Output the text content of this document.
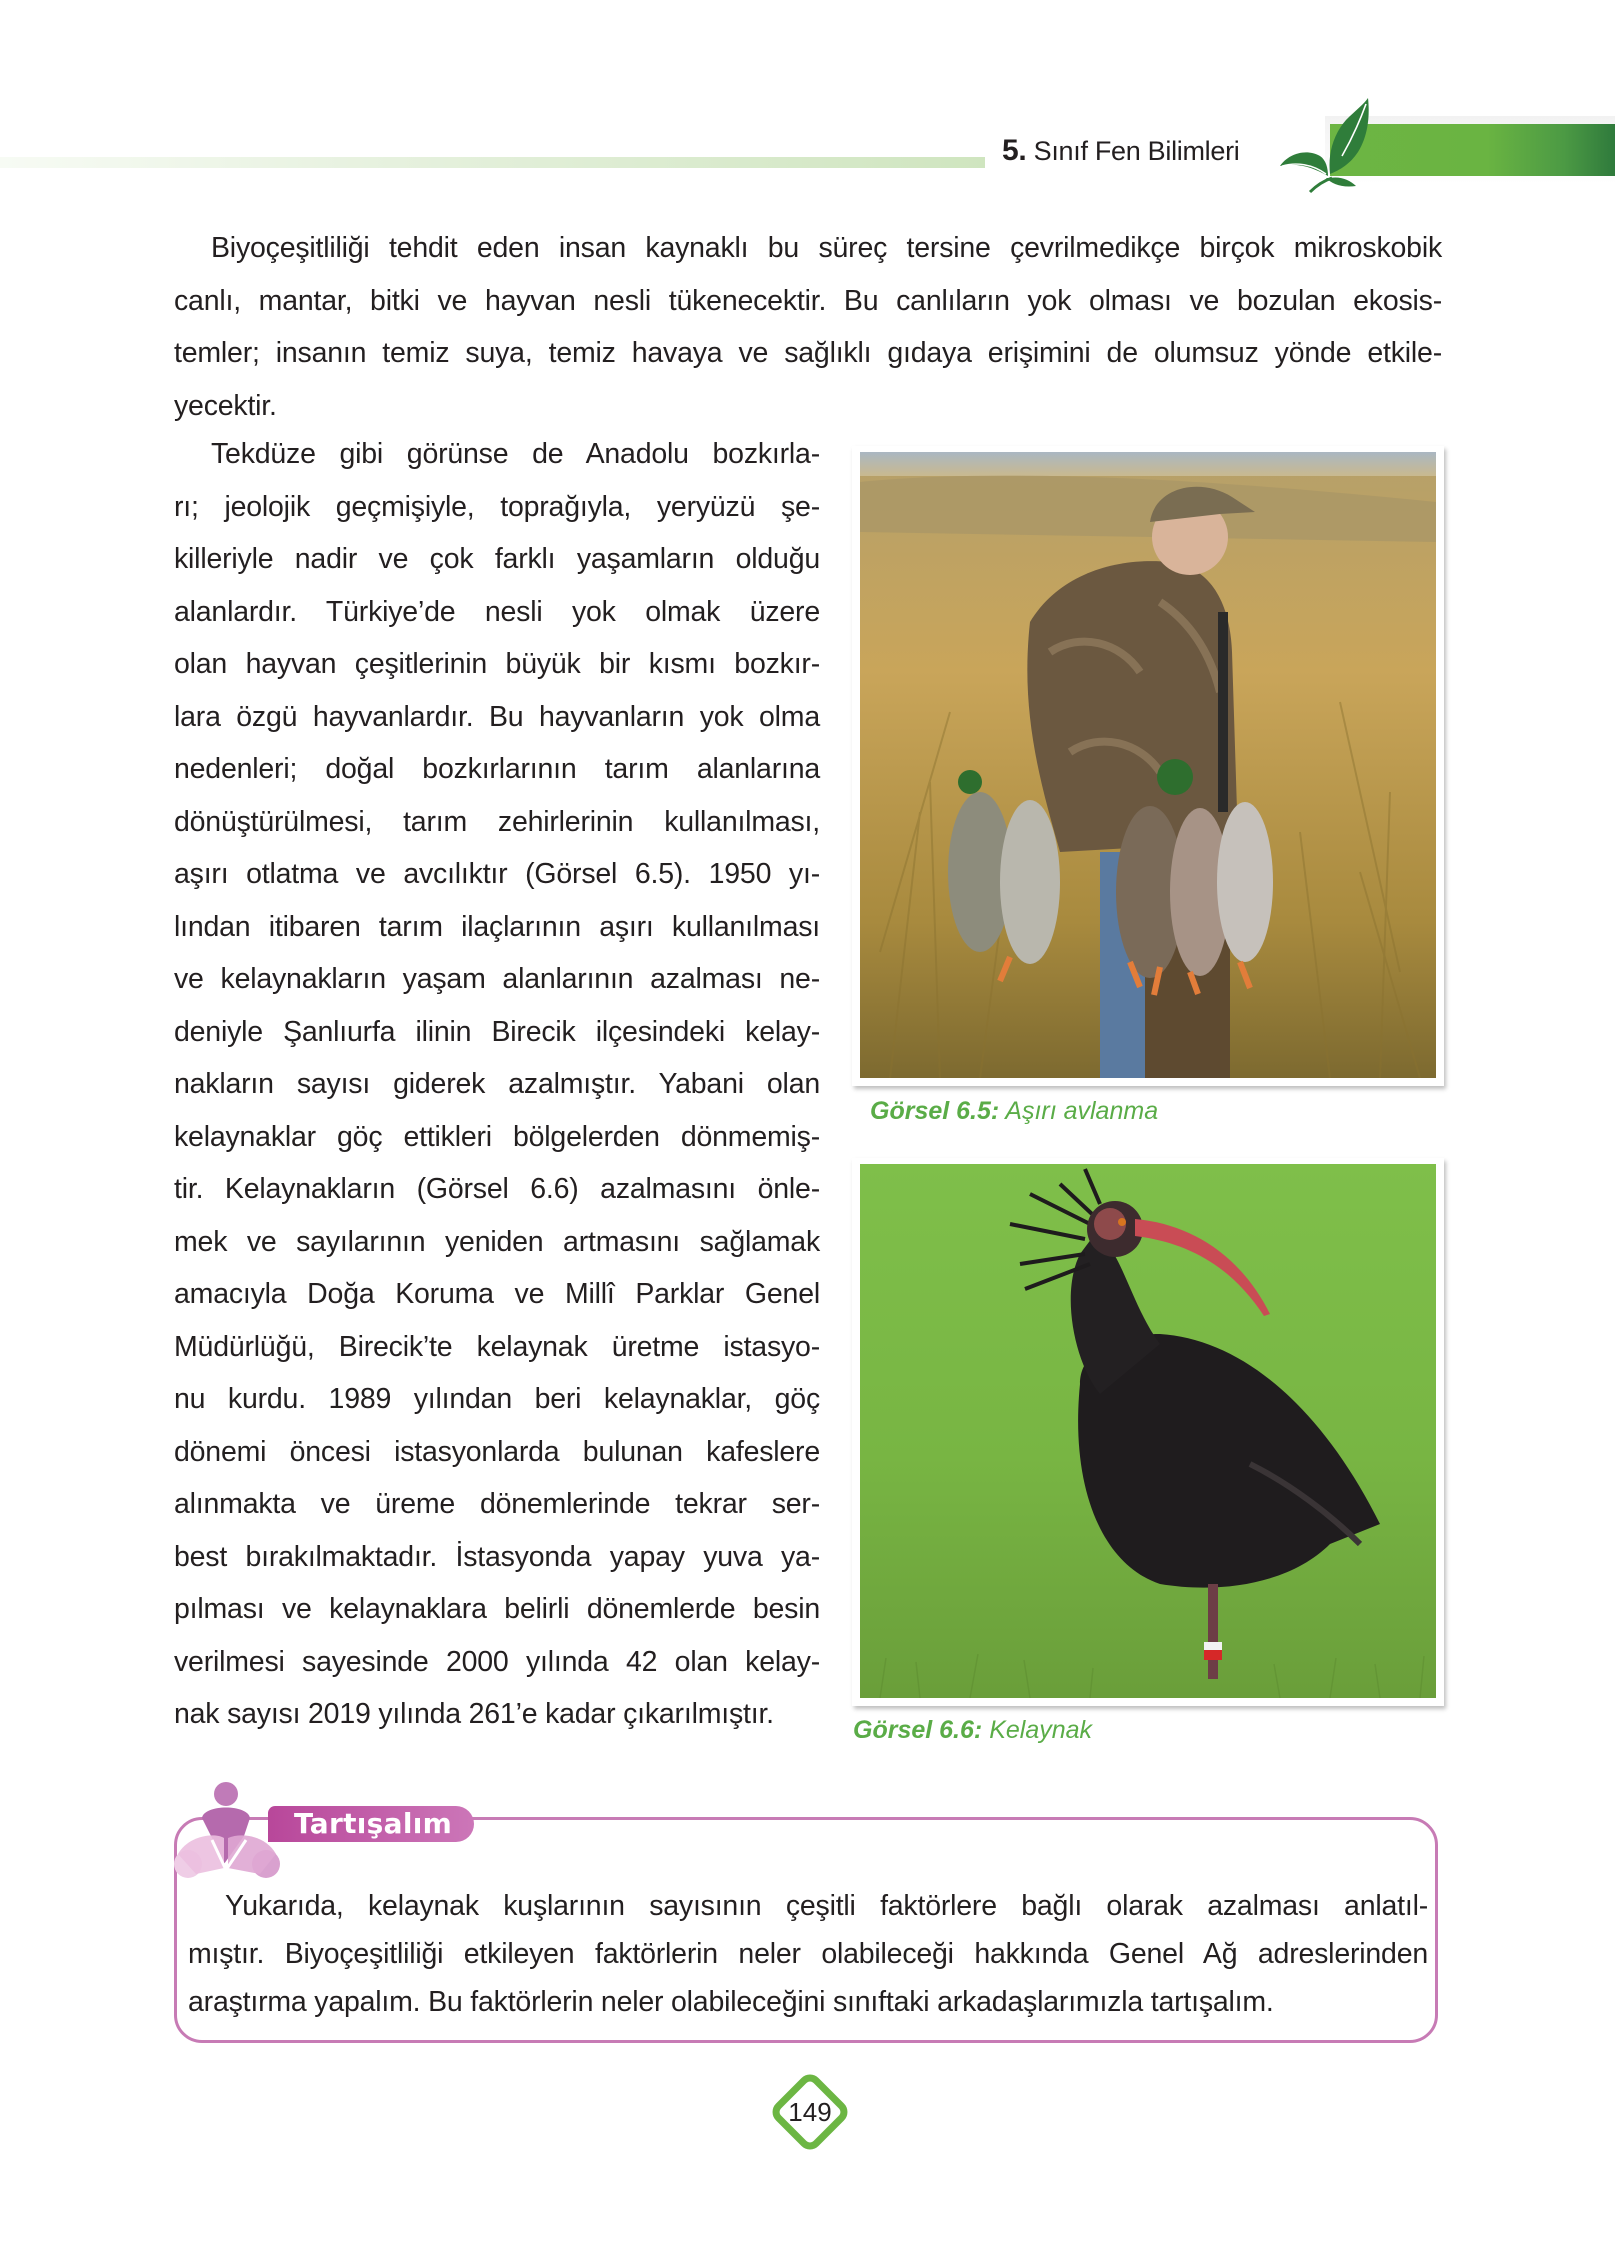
5. Sınıf Fen Bilimleri
Biyoçeşitliliği tehdit eden insan kaynaklı bu süreç tersine çevrilmedikçe birçok mikroskobik
canlı, mantar, bitki ve hayvan nesli tükenecektir. Bu canlıların yok olması ve bozulan ekosis-
temler; insanın temiz suya, temiz havaya ve sağlıklı gıdaya erişimini de olumsuz yönde etkile-
yecektir.
Tekdüze gibi görünse de Anadolu bozkırla-
rı; jeolojik geçmişiyle, toprağıyla, yeryüzü şe-
killeriyle nadir ve çok farklı yaşamların olduğu
alanlardır. Türkiye’de nesli yok olmak üzere
olan hayvan çeşitlerinin büyük bir kısmı bozkır-
lara özgü hayvanlardır. Bu hayvanların yok olma
nedenleri; doğal bozkırlarının tarım alanlarına
dönüştürülmesi, tarım zehirlerinin kullanılması,
aşırı otlatma ve avcılıktır (Görsel 6.5). 1950 yı-
lından itibaren tarım ilaçlarının aşırı kullanılması
ve kelaynakların yaşam alanlarının azalması ne-
deniyle Şanlıurfa ilinin Birecik ilçesindeki kelay-
nakların sayısı giderek azalmıştır. Yabani olan
kelaynaklar göç ettikleri bölgelerden dönmemiş-
tir. Kelaynakların (Görsel 6.6) azalmasını önle-
mek ve sayılarının yeniden artmasını sağlamak
amacıyla Doğa Koruma ve Millî Parklar Genel
Müdürlüğü, Birecik’te kelaynak üretme istasyo-
nu kurdu. 1989 yılından beri kelaynaklar, göç
dönemi öncesi istasyonlarda bulunan kafeslere
alınmakta ve üreme dönemlerinde tekrar ser-
best bırakılmaktadır. İstasyonda yapay yuva ya-
pılması ve kelaynaklara belirli dönemlerde besin
verilmesi sayesinde 2000 yılında 42 olan kelay-
nak sayısı 2019 yılında 261’e kadar çıkarılmıştır.
Görsel 6.5: Aşırı avlanma
Görsel 6.6: Kelaynak
Tartışalım
Yukarıda, kelaynak kuşlarının sayısının çeşitli faktörlere bağlı olarak azalması anlatıl-
mıştır. Biyoçeşitliliği etkileyen faktörlerin neler olabileceği hakkında Genel Ağ adreslerinden
araştırma yapalım. Bu faktörlerin neler olabileceğini sınıftaki arkadaşlarımızla tartışalım.
149
